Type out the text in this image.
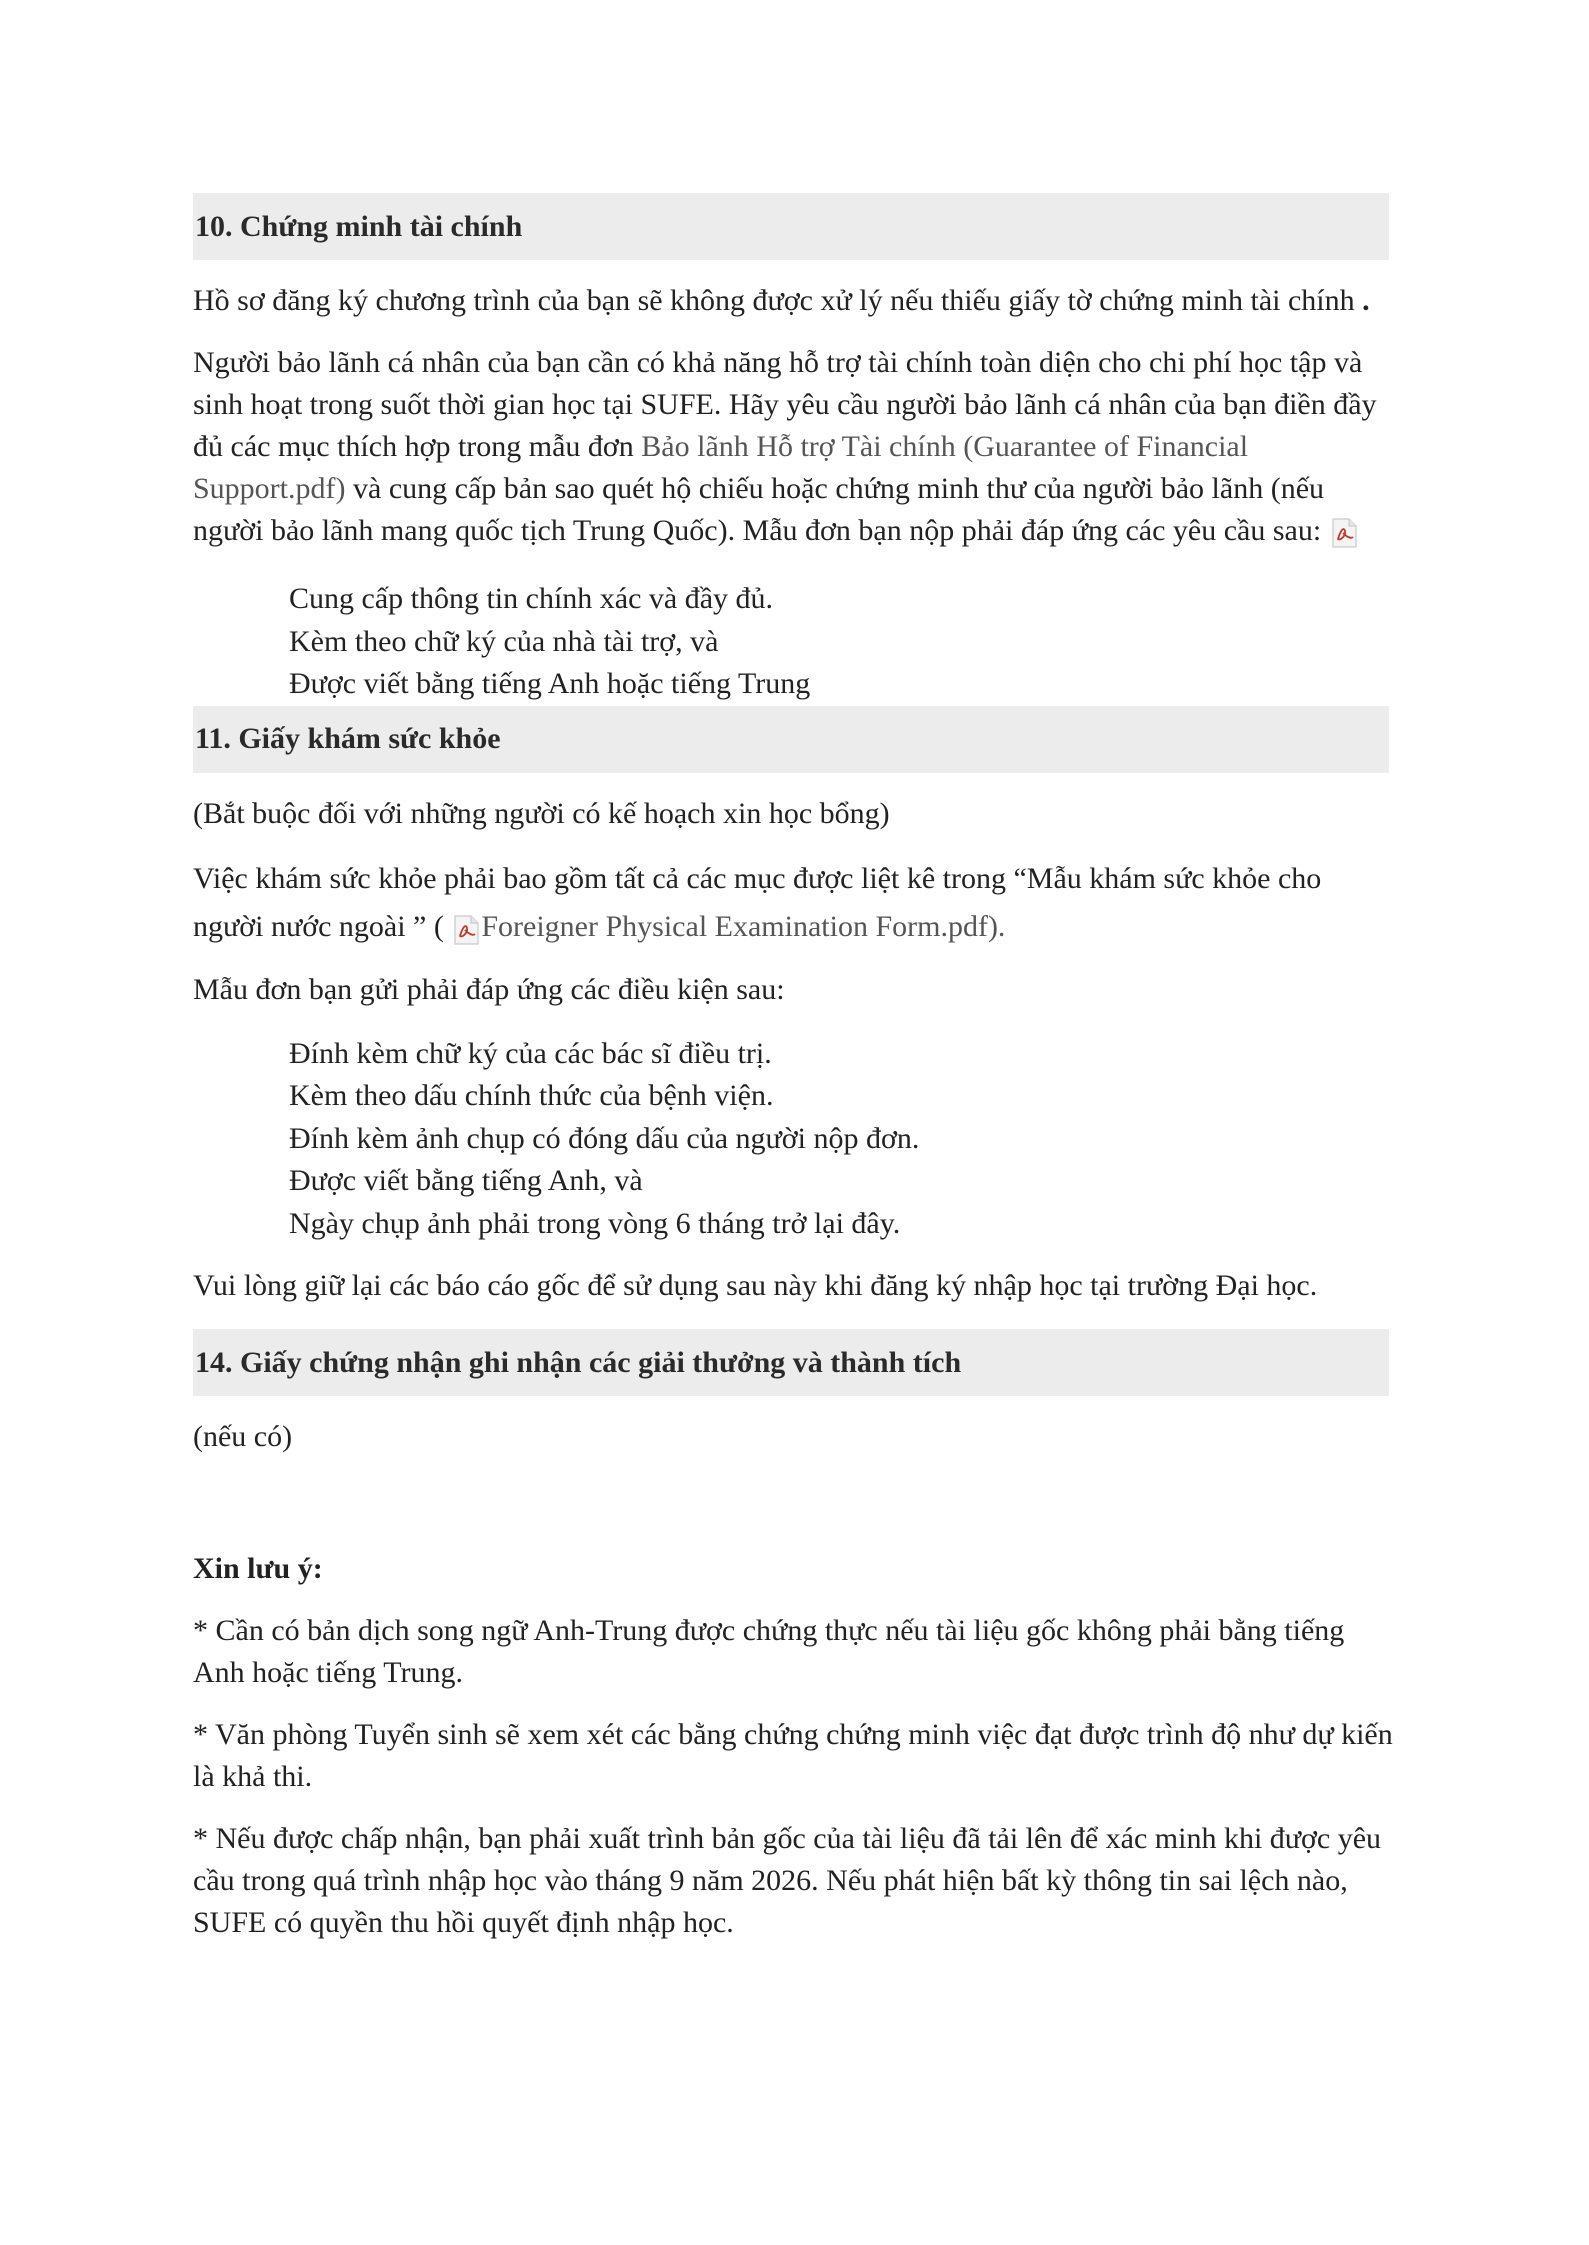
10. Chứng minh tài chính

Hồ sơ đăng ký chương trình của bạn sẽ không được xử lý nếu thiếu giấy tờ chứng minh tài chính .

Người bảo lãnh cá nhân của bạn cần có khả năng hỗ trợ tài chính toàn diện cho chi phí học tập và sinh hoạt trong suốt thời gian học tại SUFE. Hãy yêu cầu người bảo lãnh cá nhân của bạn điền đầy đủ các mục thích hợp trong mẫu đơn Bảo lãnh Hỗ trợ Tài chính (Guarantee of Financial Support.pdf) và cung cấp bản sao quét hộ chiếu hoặc chứng minh thư của người bảo lãnh (nếu người bảo lãnh mang quốc tịch Trung Quốc). Mẫu đơn bạn nộp phải đáp ứng các yêu cầu sau:

Cung cấp thông tin chính xác và đầy đủ.

Kèm theo chữ ký của nhà tài trợ, và

Được viết bằng tiếng Anh hoặc tiếng Trung

11. Giấy khám sức khỏe

(Bắt buộc đối với những người có kế hoạch xin học bổng)

Việc khám sức khỏe phải bao gồm tất cả các mục được liệt kê trong “Mẫu khám sức khỏe cho người nước ngoài ” ( Foreigner Physical Examination Form.pdf).

Mẫu đơn bạn gửi phải đáp ứng các điều kiện sau:

Đính kèm chữ ký của các bác sĩ điều trị.

Kèm theo dấu chính thức của bệnh viện.

Đính kèm ảnh chụp có đóng dấu của người nộp đơn.

Được viết bằng tiếng Anh, và

Ngày chụp ảnh phải trong vòng 6 tháng trở lại đây.

Vui lòng giữ lại các báo cáo gốc để sử dụng sau này khi đăng ký nhập học tại trường Đại học.

14. Giấy chứng nhận ghi nhận các giải thưởng và thành tích

(nếu có)

Xin lưu ý:

* Cần có bản dịch song ngữ Anh-Trung được chứng thực nếu tài liệu gốc không phải bằng tiếng Anh hoặc tiếng Trung.

* Văn phòng Tuyển sinh sẽ xem xét các bằng chứng chứng minh việc đạt được trình độ như dự kiến là khả thi.

* Nếu được chấp nhận, bạn phải xuất trình bản gốc của tài liệu đã tải lên để xác minh khi được yêu cầu trong quá trình nhập học vào tháng 9 năm 2026. Nếu phát hiện bất kỳ thông tin sai lệch nào, SUFE có quyền thu hồi quyết định nhập học.
